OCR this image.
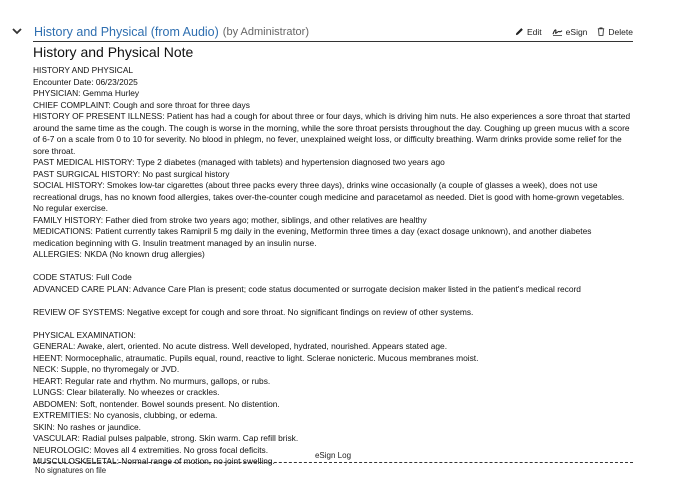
History and Physical (from Audio) (by Administrator)	Edit	eSign Delete
History and Physical Note

HISTORY AND PHYSICAL

Encounter Date: 06/23/2025

PHYSICIAN: Gemma Hurley

CHIEF COMPLAINT: Cough and sore throat for three days

HISTORY OF PRESENT ILLNESS: Patient has had a cough for about three or four days, which is driving him nuts. He also experiences a sore throat that started around the same time as the cough. The cough is worse in the morning, while the sore throat persists throughout the day. Coughing up green mucus with a score of 6-7 on a scale from 0 to 10 for severity. No blood in phlegm, no fever, unexplained weight loss, or difficulty breathing. Warm drinks provide some relief for the sore throat.

PAST MEDICAL HISTORY: Type 2 diabetes (managed with tablets) and hypertension diagnosed two years ago

PAST SURGICAL HISTORY: No past surgical history

SOCIAL HISTORY: Smokes low-tar cigarettes (about three packs every three days), drinks wine occasionally (a couple of glasses a week), does not use recreational drugs, has no known food allergies, takes over-the-counter cough medicine and paracetamol as needed. Diet is good with home-grown vegetables. No regular exercise.

FAMILY HISTORY: Father died from stroke two years ago; mother, siblings, and other relatives are healthy

MEDICATIONS: Patient currently takes Ramipril 5 mg daily in the evening, Metformin three times a day (exact dosage unknown), and another diabetes medication beginning with G. Insulin treatment managed by an insulin nurse.

ALLERGIES: NKDA (No known drug allergies)

CODE STATUS: Full Code

ADVANCED CARE PLAN: Advance Care Plan is present; code status documented or surrogate decision maker listed in the patient's medical record

REVIEW OF SYSTEMS: Negative except for cough and sore throat. No significant findings on review of other systems.

PHYSICAL EXAMINATION:

GENERAL: Awake, alert, oriented. No acute distress. Well developed, hydrated, nourished. Appears stated age.

HEENT: Normocephalic, atraumatic. Pupils equal, round, reactive to light. Sclerae nonicteric. Mucous membranes moist.

NECK: Supple, no thyromegaly or JVD.

HEART: Regular rate and rhythm. No murmurs, gallops, or rubs.

LUNGS: Clear bilaterally. No wheezes or crackles.

ABDOMEN: Soft, nontender. Bowel sounds present. No distention.

EXTREMITIES: No cyanosis, clubbing, or edema.

SKIN: No rashes or jaundice.

VASCULAR: Radial pulses palpable, strong. Skin warm. Cap refill brisk.

NEUROLOGIC: Moves all 4 extremities. No gross focal deficits.

MUSCULOSKELETAL: Normal range of motion, no joint swelling.

eSign Log
No signatures on file
